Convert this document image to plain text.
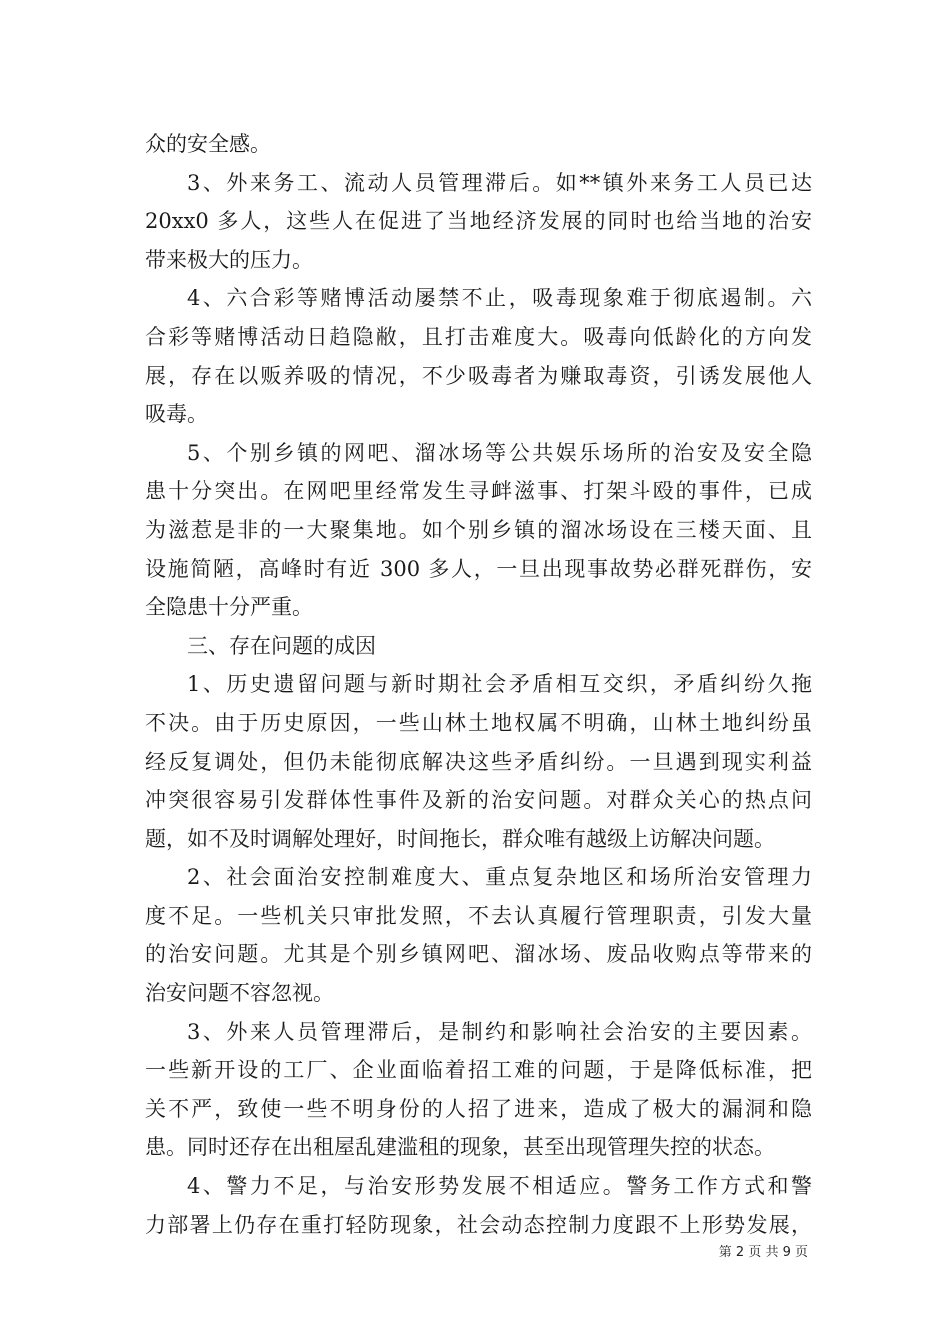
众的安全感。
3、外来务工、流动人员管理滞后。如**镇外来务工人员已达
20xx0 多人，这些人在促进了当地经济发展的同时也给当地的治安
带来极大的压力。
4、六合彩等赌博活动屡禁不止，吸毒现象难于彻底遏制。六
合彩等赌博活动日趋隐敝，且打击难度大。吸毒向低龄化的方向发
展，存在以贩养吸的情况，不少吸毒者为赚取毒资，引诱发展他人
吸毒。
5、个别乡镇的网吧、溜冰场等公共娱乐场所的治安及安全隐
患十分突出。在网吧里经常发生寻衅滋事、打架斗殴的事件，已成
为滋惹是非的一大聚集地。如个别乡镇的溜冰场设在三楼天面、且
设施简陋，高峰时有近 300 多人，一旦出现事故势必群死群伤，安
全隐患十分严重。
三、存在问题的成因
1、历史遗留问题与新时期社会矛盾相互交织，矛盾纠纷久拖
不决。由于历史原因，一些山林土地权属不明确，山林土地纠纷虽
经反复调处，但仍未能彻底解决这些矛盾纠纷。一旦遇到现实利益
冲突很容易引发群体性事件及新的治安问题。对群众关心的热点问
题，如不及时调解处理好，时间拖长，群众唯有越级上访解决问题。
2、社会面治安控制难度大、重点复杂地区和场所治安管理力
度不足。一些机关只审批发照，不去认真履行管理职责，引发大量
的治安问题。尤其是个别乡镇网吧、溜冰场、废品收购点等带来的
治安问题不容忽视。
3、外来人员管理滞后，是制约和影响社会治安的主要因素。
一些新开设的工厂、企业面临着招工难的问题，于是降低标准，把
关不严，致使一些不明身份的人招了进来，造成了极大的漏洞和隐
患。同时还存在出租屋乱建滥租的现象，甚至出现管理失控的状态。
4、警力不足，与治安形势发展不相适应。警务工作方式和警
力部署上仍存在重打轻防现象，社会动态控制力度跟不上形势发展，
第 2 页 共 9 页
